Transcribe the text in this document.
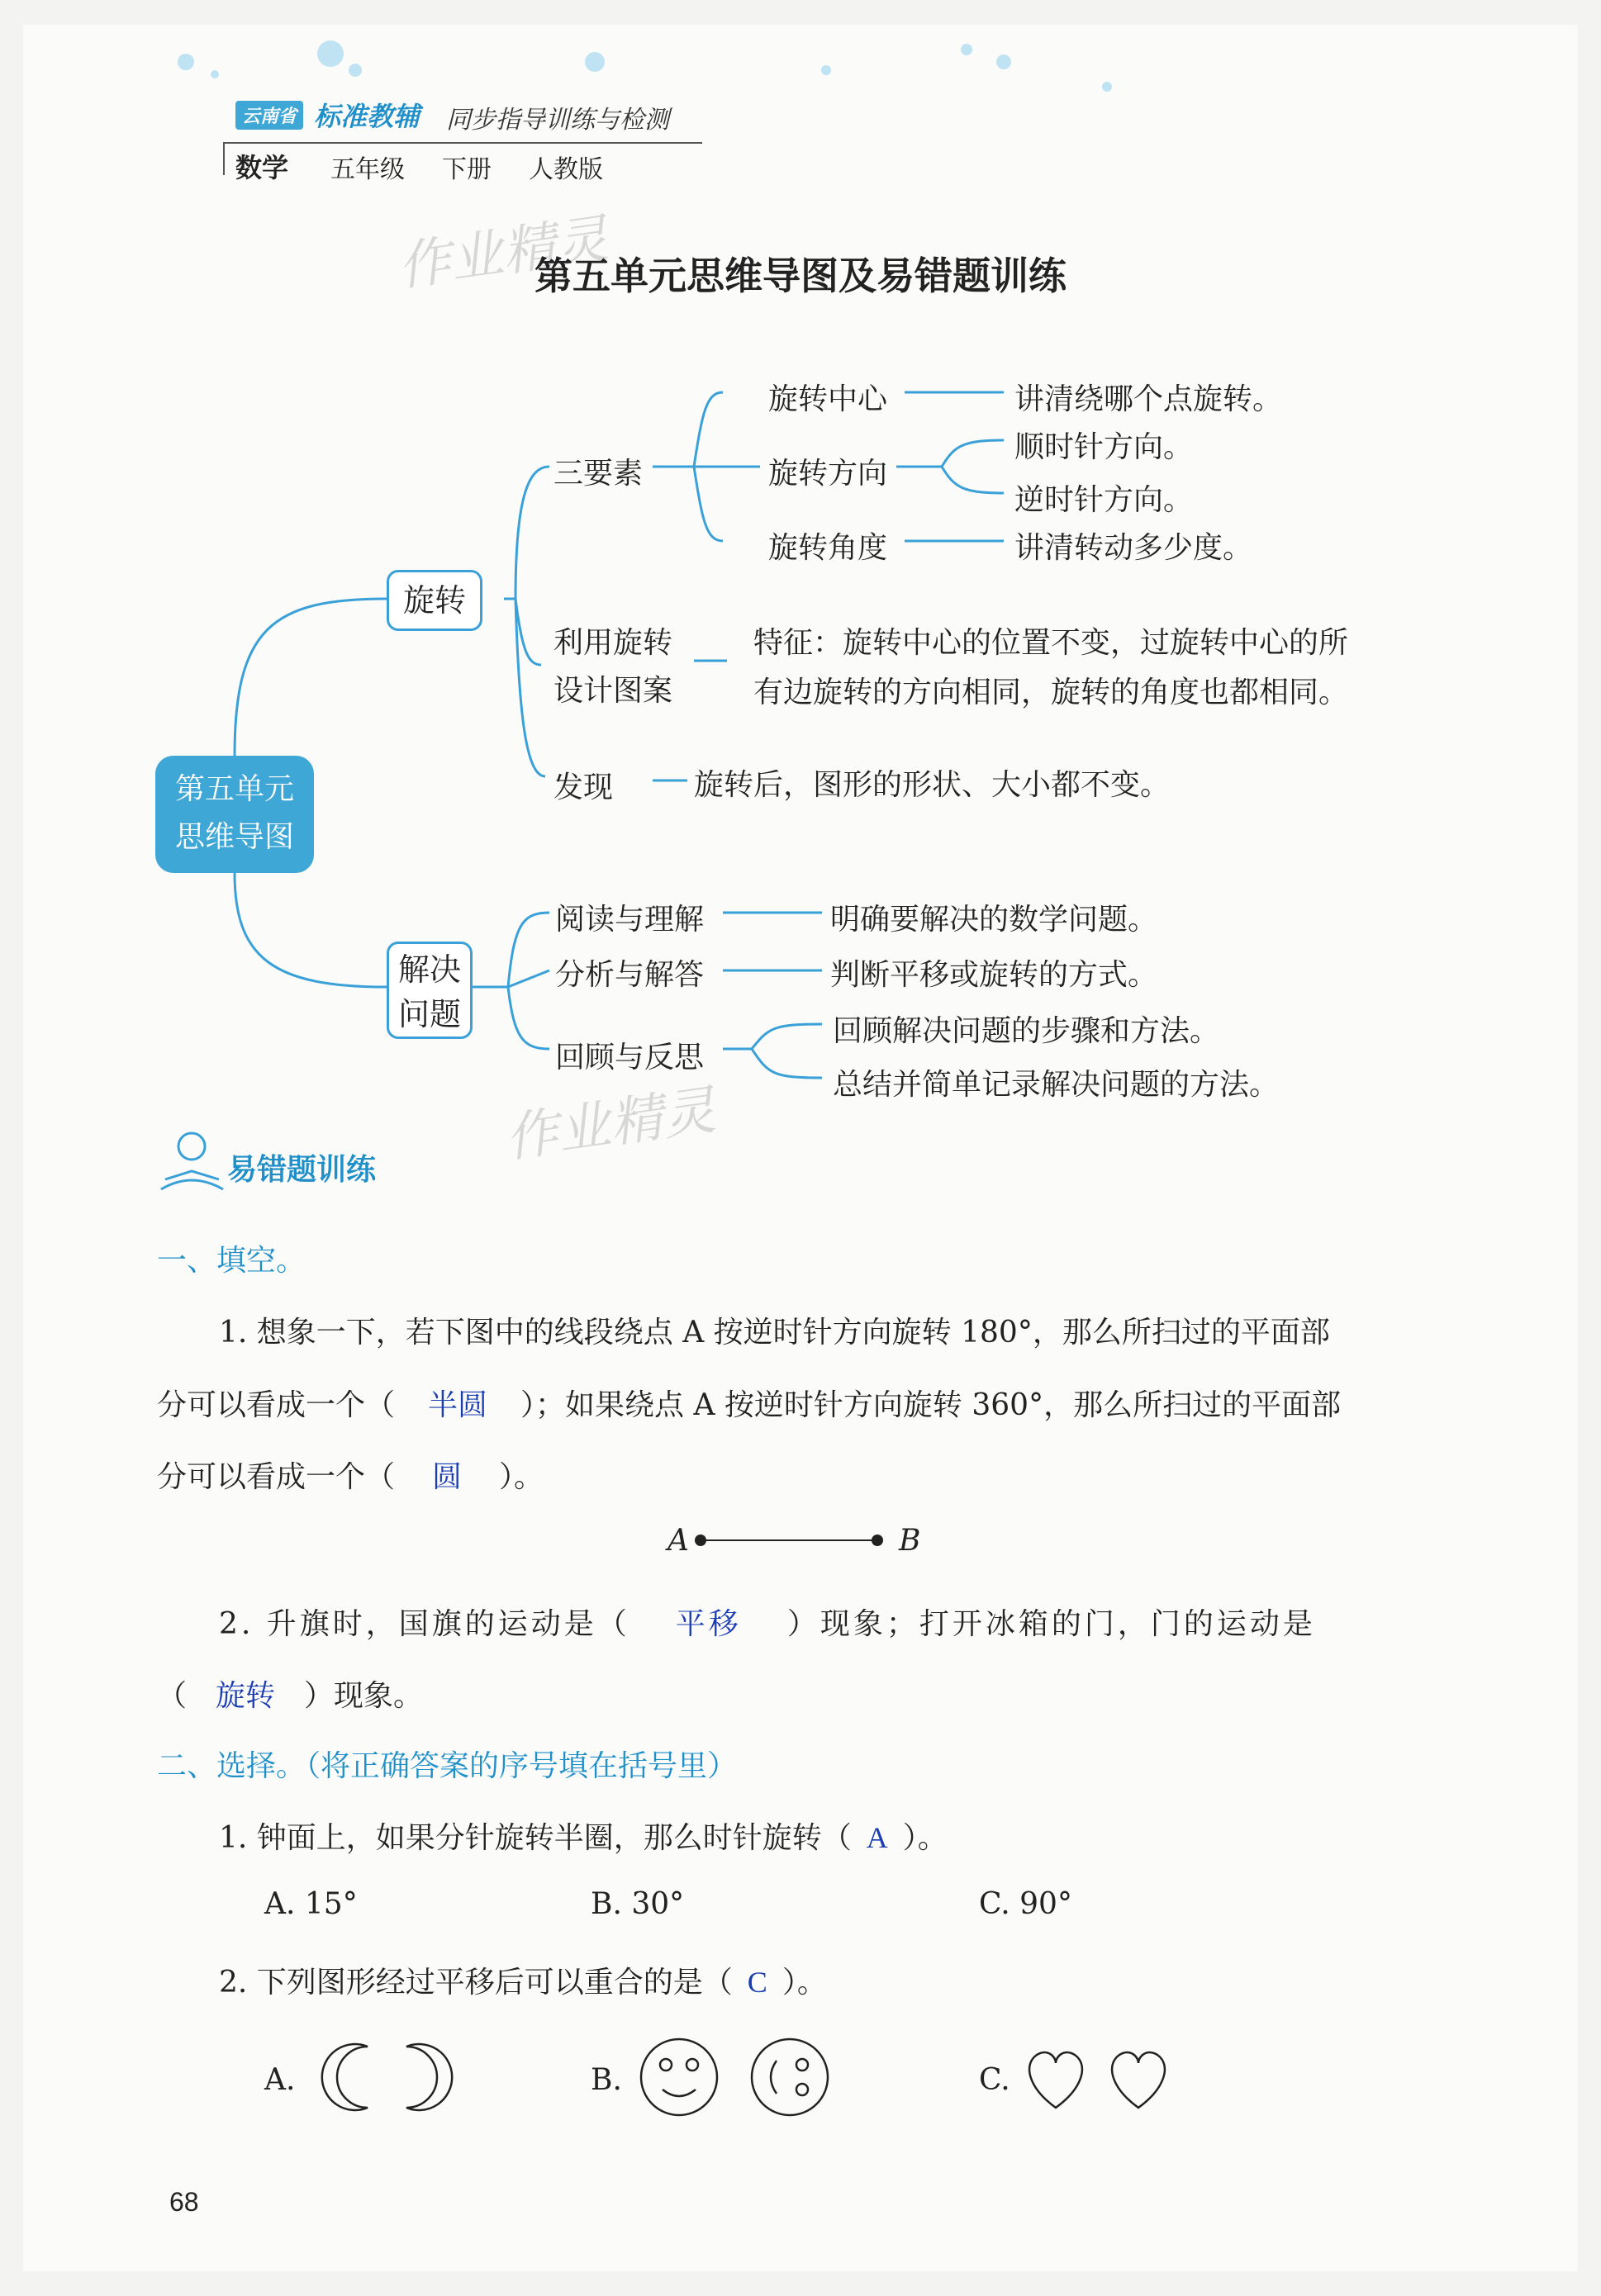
云南省 标准教辅 同步指导训练与检测
数学 五年级 下册 人教版
作业精灵
第五单元思维导图及易错题训练
第五单元
思维导图
旋转
三要素
旋转中心	讲清绕哪个点旋转。
旋转方向
顺时针方向。
逆时针方向。
旋转角度	讲清转动多少度。
利用旋转
设计图案
特征：旋转中心的位置不变，过旋转中心的所
有边旋转的方向相同，旋转的角度也都相同。
发现	旋转后，图形的形状、大小都不变。
解决
问题
阅读与理解	明确要解决的数学问题。
分析与解答	判断平移或旋转的方式。
回顾与反思
回顾解决问题的步骤和方法。
总结并简单记录解决问题的方法。
作业精灵
易错题训练
一、填空。
1. 想象一下，若下图中的线段绕点 A 按逆时针方向旋转 180°，那么所扫过的平面部
分可以看成一个（ 半圆 ）；如果绕点 A 按逆时针方向旋转 360°，那么所扫过的平面部
分可以看成一个（ 圆 ）。
A	B
2. 升旗时，国旗的运动是（ 平移 ）现象；打开冰箱的门，门的运动是
（ 旋转 ）现象。
二、选择。（将正确答案的序号填在括号里）
1. 钟面上，如果分针旋转半圈，那么时针旋转（ A ）。
A. 15°	B. 30°	C. 90°
2. 下列图形经过平移后可以重合的是（ C ）。
A.	B.	C.
68
